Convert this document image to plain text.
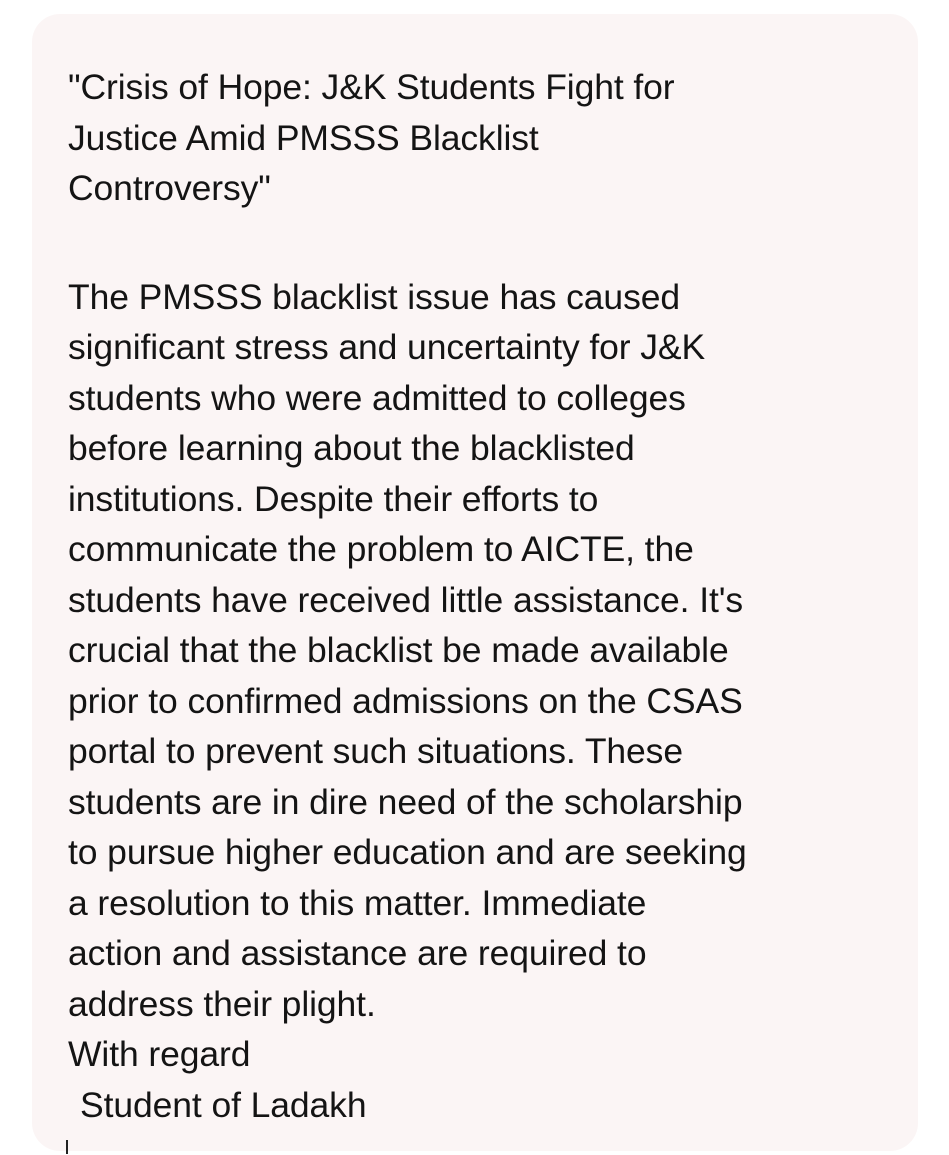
"Crisis of Hope: J&K Students Fight for
Justice Amid PMSSS Blacklist
Controversy"

The PMSSS blacklist issue has caused
significant stress and uncertainty for J&K
students who were admitted to colleges
before learning about the blacklisted
institutions. Despite their efforts to
communicate the problem to AICTE, the
students have received little assistance. It's
crucial that the blacklist be made available
prior to confirmed admissions on the CSAS
portal to prevent such situations. These
students are in dire need of the scholarship
to pursue higher education and are seeking
a resolution to this matter. Immediate
action and assistance are required to
address their plight.

With regard

Student of Ladakh
